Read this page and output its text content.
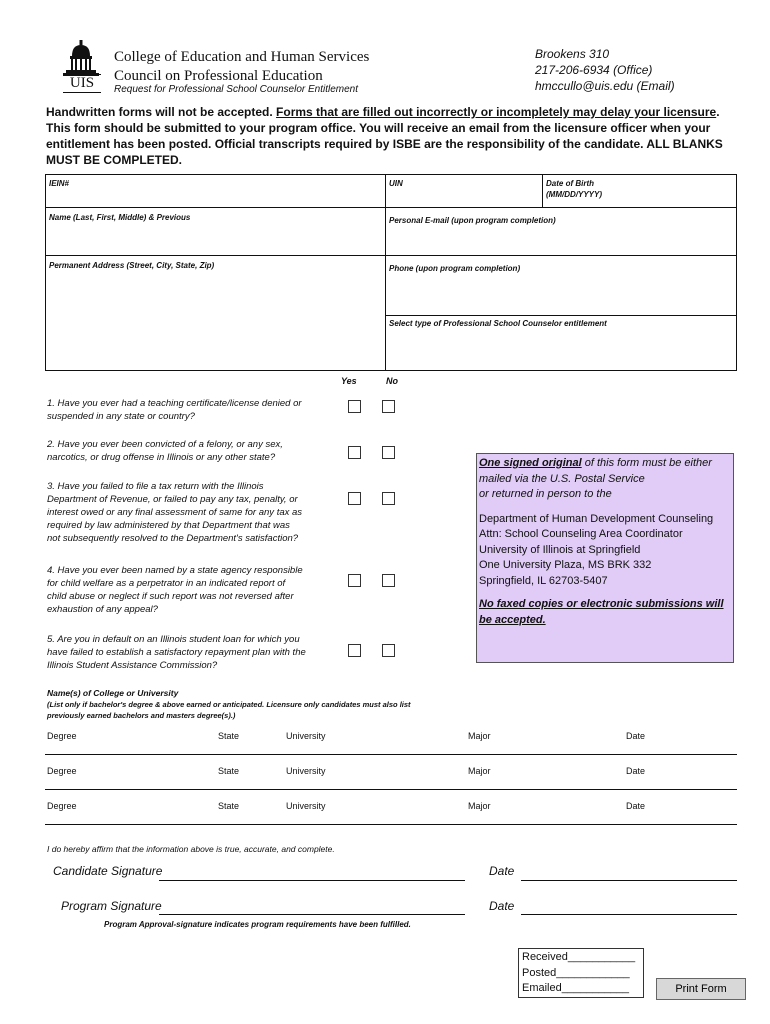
UIS
College of Education and Human Services
Council on Professional Education
Request for Professional School Counselor Entitlement
Brookens 310
217-206-6934 (Office)
hmccullo@uis.edu (Email)
Handwritten forms will not be accepted. Forms that are filled out incorrectly or incompletely may delay your licensure. This form should be submitted to your program office. You will receive an email from the licensure officer when your entitlement has been posted. Official transcripts required by ISBE are the responsibility of the candidate. ALL BLANKS MUST BE COMPLETED.
IEIN#	UIN	Date of Birth
(MM/DD/YYYY)
Name (Last, First, Middle) & Previous	Personal E-mail (upon program completion)
Permanent Address (Street, City, State, Zip)	Phone (upon program completion)
Select type of Professional School Counselor entitlement
Yes	No
1. Have you ever had a teaching certificate/license denied or
suspended in any state or country?
2. Have you ever been convicted of a felony, or any sex,
narcotics, or drug offense in Illinois or any other state?
3. Have you failed to file a tax return with the Illinois
Department of Revenue, or failed to pay any tax, penalty, or
interest owed or any final assessment of same for any tax as
required by law administered by that Department that was
not subsequently resolved to the Department's satisfaction?
4. Have you ever been named by a state agency responsible
for child welfare as a perpetrator in an indicated report of
child abuse or neglect if such report was not reversed after
exhaustion of any appeal?
5. Are you in default on an Illinois student loan for which you
have failed to establish a satisfactory repayment plan with the
Illinois Student Assistance Commission?
One signed original of this form must be either
mailed via the U.S. Postal Service
or returned in person to the
Department of Human Development Counseling
Attn: School Counseling Area Coordinator
University of Illinois at Springfield
One University Plaza, MS BRK 332
Springfield, IL 62703-5407
No faxed copies or electronic submissions will be accepted.
Name(s) of College or University
(List only if bachelor's degree & above earned or anticipated. Licensure only candidates must also list previously earned bachelors and masters degree(s).)
Degree	State	University	Major	Date
Degree	State	University	Major	Date
Degree	State	University	Major	Date
I do hereby affirm that the information above is true, accurate, and complete.
Candidate Signature	Date
Program Signature	Date
Program Approval-signature indicates program requirements have been fulfilled.
Received___________
Posted____________
Emailed___________	Print Form
